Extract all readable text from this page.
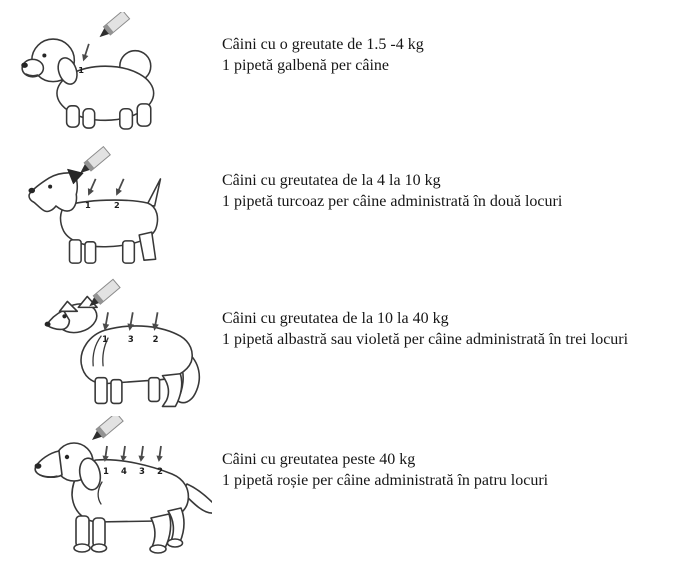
1
Câini cu o greutate de 1.5 -4 kg
1 pipetă galbenă per câine
1	2
Câini cu greutatea de la 4 la 10 kg
1 pipetă turcoaz per câine administrată în două locuri
1 3 2
Câini cu greutatea de la 10 la 40 kg
1 pipetă albastră sau violetă per câine administrată în trei locuri
1 4 3 2
Câini cu greutatea peste 40 kg
1 pipetă roșie per câine administrată în patru locuri
